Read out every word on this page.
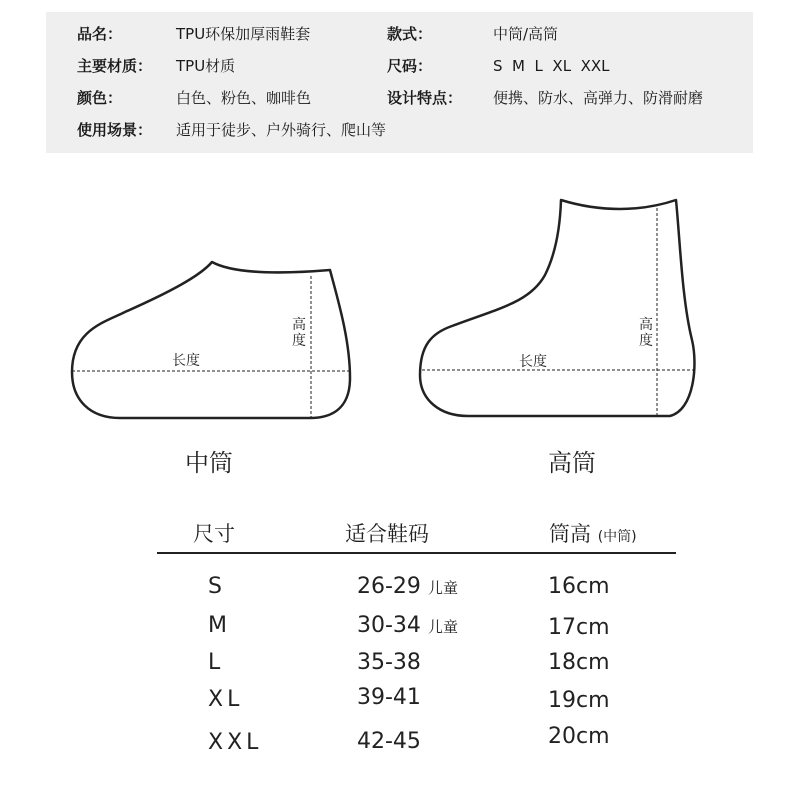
品名：	TPU环保加厚雨鞋套	款式：	中筒/高筒
主要材质： TPU材质	尺码：	S  M  L  XL  XXL
颜色：	白色、粉色、咖啡色	设计特点： 便携、防水、高弹力、防滑耐磨
使用场景： 适用于徒步、户外骑行、爬山等
长度
高度
中筒
长度
高度
高筒
尺寸	适合鞋码	筒高 (中筒)
S	26-29 儿童	16cm
M	30-34 儿童	17cm
L	35-38	18cm
XL	39-41	19cm
XXL	42-45	20cm
